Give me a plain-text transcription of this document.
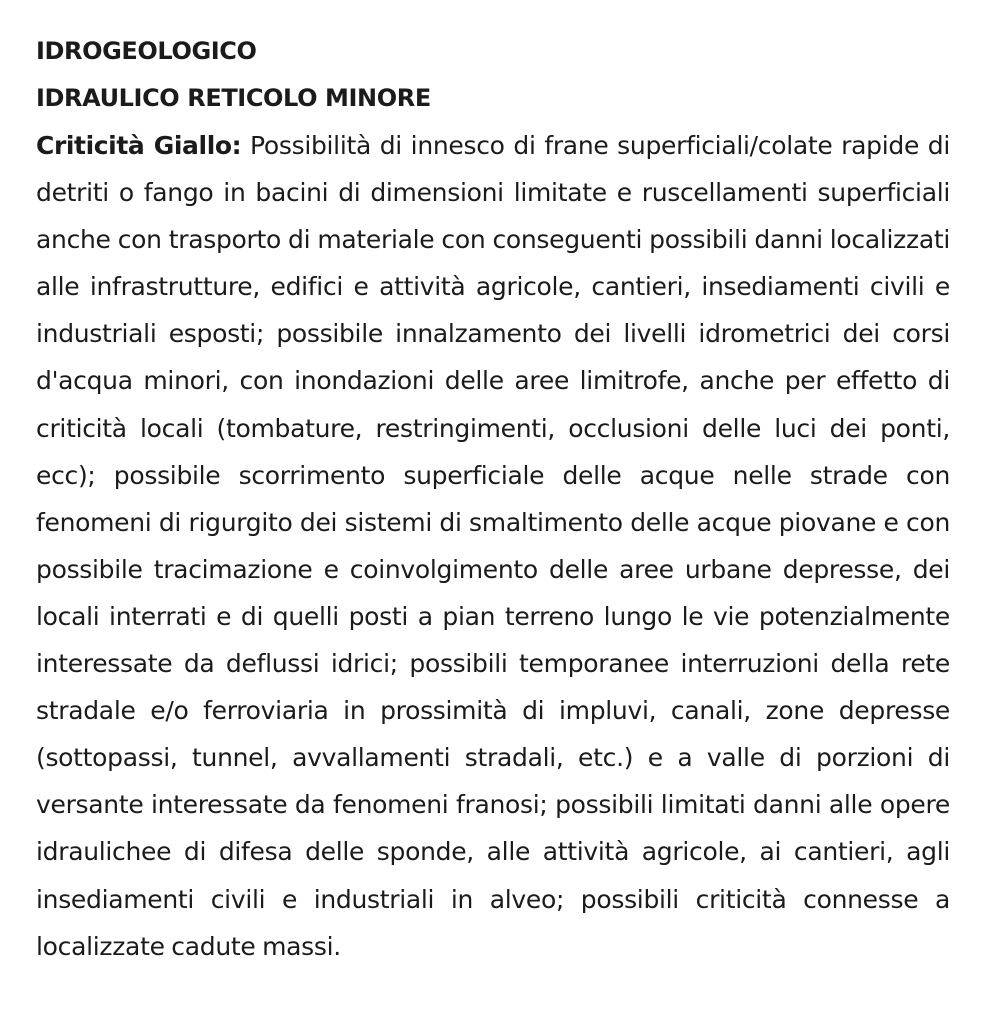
IDROGEOLOGICO
IDRAULICO RETICOLO MINORE

Criticità Giallo: Possibilità di innesco di frane superficiali/colate rapide di detriti o fango in bacini di dimensioni limitate e ruscellamenti superficiali anche con trasporto di materiale con conseguenti possibili danni localizzati alle infrastrutture, edifici e attività agricole, cantieri, insediamenti civili e industriali esposti; possibile innalzamento dei livelli idrometrici dei corsi d'acqua minori, con inondazioni delle aree limitrofe, anche per effetto di criticità locali (tombature, restringimenti, occlusioni delle luci dei ponti, ecc); possibile scorrimento superficiale delle acque nelle strade con fenomeni di rigurgito dei sistemi di smaltimento delle acque piovane e con possibile tracimazione e coinvolgimento delle aree urbane depresse, dei locali interrati e di quelli posti a pian terreno lungo le vie potenzialmente interessate da deflussi idrici; possibili temporanee interruzioni della rete stradale e/o ferroviaria in prossimità di impluvi, canali, zone depresse (sottopassi, tunnel, avvallamenti stradali, etc.) e a valle di porzioni di versante interessate da fenomeni franosi; possibili limitati danni alle opere idraulichee di difesa delle sponde, alle attività agricole, ai cantieri, agli insediamenti civili e industriali in alveo; possibili criticità connesse a localizzate cadute massi.
